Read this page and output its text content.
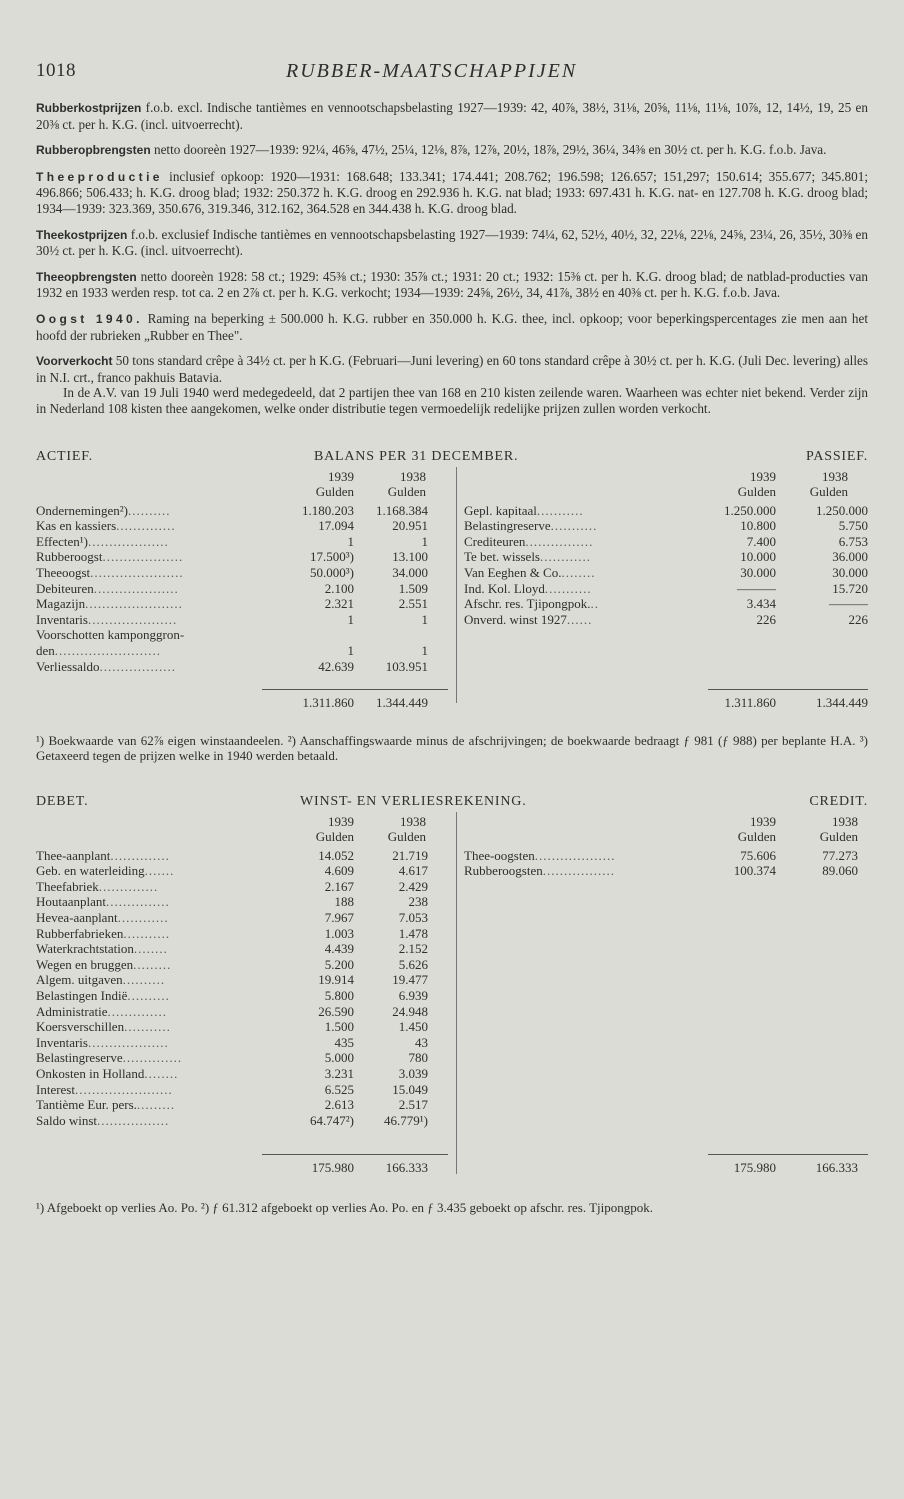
1018	RUBBER-MAATSCHAPPIJEN

Rubberkostprijzen f.o.b. excl. Indische tantièmes en vennootschapsbelasting 1927—1939: 42, 40⅞, 38½, 31⅛, 20⅝, 11⅛, 11⅛, 10⅞, 12, 14½, 19, 25 en 20⅜ ct. per h. K.G. (incl. uitvoerrecht).

Rubberopbrengsten netto dooreèn 1927—1939: 92¼, 46⅝, 47½, 25¼, 12⅛, 8⅞, 12⅞, 20½, 18⅞, 29½, 36¼, 34⅜ en 30½ ct. per h. K.G. f.o.b. Java.

Theeproductie inclusief opkoop: 1920—1931: 168.648; 133.341; 174.441; 208.762; 196.598; 126.657; 151,297; 150.614; 355.677; 345.801; 496.866; 506.433; h. K.G. droog blad; 1932: 250.372 h. K.G. droog en 292.936 h. K.G. nat blad; 1933: 697.431 h. K.G. nat- en 127.708 h. K.G. droog blad; 1934—1939: 323.369, 350.676, 319.346, 312.162, 364.528 en 344.438 h. K.G. droog blad.

Theekostprijzen f.o.b. exclusief Indische tantièmes en vennootschapsbelasting 1927—1939: 74¼, 62, 52½, 40½, 32, 22⅛, 22⅛, 24⅝, 23¼, 26, 35½, 30⅜ en 30½ ct. per h. K.G. (incl. uitvoerrecht).

Theeopbrengsten netto dooreèn 1928: 58 ct.; 1929: 45⅜ ct.; 1930: 35⅞ ct.; 1931: 20 ct.; 1932: 15⅜ ct. per h. K.G. droog blad; de natblad-producties van 1932 en 1933 werden resp. tot ca. 2 en 2⅞ ct. per h. K.G. verkocht; 1934—1939: 24⅝, 26½, 34, 41⅞, 38½ en 40⅜ ct. per h. K.G. f.o.b. Java.

Oogst 1940. Raming na beperking ± 500.000 h. K.G. rubber en 350.000 h. K.G. thee, incl. opkoop; voor beperkingspercentages zie men aan het hoofd der rubrieken „Rubber en Thee".

Voorverkocht 50 tons standard crêpe à 34½ ct. per h K.G. (Februari—Juni levering) en 60 tons standard crêpe à 30½ ct. per h. K.G. (Juli Dec. levering) alles in N.I. crt., franco pakhuis Batavia.

In de A.V. van 19 Juli 1940 werd medegedeeld, dat 2 partijen thee van 168 en 210 kisten zeilende waren. Waarheen was echter niet bekend. Verder zijn in Nederland 108 kisten thee aangekomen, welke onder distributie tegen vermoedelijk redelijke prijzen zullen worden verkocht.

ACTIEF.	BALANS PER 31 DECEMBER.	PASSIEF.
1939	1938
Gulden	Gulden
1939	1938
Gulden	Gulden
Ondernemingen²)..........	1.180.203	1.168.384
Kas en kassiers..............	17.094	20.951
Effecten¹)...................	1	1
Rubberoogst...................	17.500³)	13.100
Theeoogst......................	50.000³)	34.000
Debiteuren....................	2.100	1.509
Magazijn.......................	2.321	2.551
Inventaris.....................	1	1
Voorschotten kamponggron-
den.........................	1	1
Verliessaldo..................	42.639	103.951
Gepl. kapitaal...........	1.250.000	1.250.000
Belastingreserve...........	10.800	5.750
Crediteuren................	7.400	6.753
Te bet. wissels............	10.000	36.000
Van Eeghen & Co.........	30.000	30.000
Ind. Kol. Lloyd...........	———	15.720
Afschr. res. Tjipongpok...	3.434	———
Onverd. winst 1927......	226	226
1.311.860	1.344.449	1.311.860	1.344.449

¹) Boekwaarde van 62⅞ eigen winstaandeelen. ²) Aanschaffingswaarde minus de afschrijvingen; de boekwaarde bedraagt ƒ 981 (ƒ 988) per beplante H.A. ³) Getaxeerd tegen de prijzen welke in 1940 werden betaald.

DEBET.	WINST- EN VERLIESREKENING.	CREDIT.
1939	1938
Gulden	Gulden
1939	1938
Gulden	Gulden
Thee-aanplant..............	14.052	21.719
Geb. en waterleiding.......	4.609	4.617
Theefabriek..............	2.167	2.429
Houtaanplant...............	188	238
Hevea-aanplant............	7.967	7.053
Rubberfabrieken...........	1.003	1.478
Waterkrachtstation........	4.439	2.152
Wegen en bruggen.........	5.200	5.626
Algem. uitgaven..........	19.914	19.477
Belastingen Indië..........	5.800	6.939
Administratie..............	26.590	24.948
Koersverschillen...........	1.500	1.450
Inventaris...................	435	43
Belastingreserve..............	5.000	780
Onkosten in Holland........	3.231	3.039
Interest.......................	6.525	15.049
Tantième Eur. pers..........	2.613	2.517
Saldo winst.................	64.747²)	46.779¹)
Thee-oogsten...................	75.606	77.273
Rubberoogsten.................	100.374	89.060
175.980	166.333	175.980	166.333

¹) Afgeboekt op verlies Ao. Po. ²) ƒ 61.312 afgeboekt op verlies Ao. Po. en ƒ 3.435 geboekt op afschr. res. Tjipongpok.
